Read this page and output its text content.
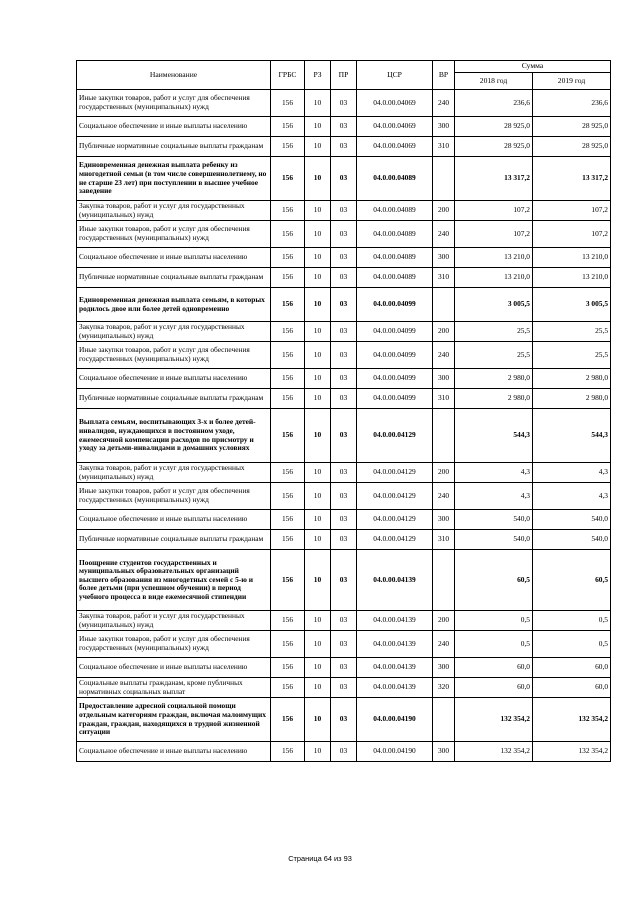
Наименование	ГРБС	РЗ	ПР	ЦСР	ВР	Сумма	
						2018 год	2019 год
Иные закупки товаров, работ и услуг для обеспечения государственных (муниципальных) нужд	156	10	03	04.0.00.04069	240	236,6	236,6
Социальное обеспечение и иные выплаты населению	156	10	03	04.0.00.04069	300	28 925,0	28 925,0
Публичные нормативные социальные выплаты гражданам	156	10	03	04.0.00.04069	310	28 925,0	28 925,0
Единовременная денежная выплата ребенку из многодетной семьи (в том числе совершеннолетнему, но не старше 23 лет) при поступлении в высшее учебное заведение	156	10	03	04.0.00.04089		13 317,2	13 317,2
Закупка товаров, работ и услуг для государственных (муниципальных) нужд	156	10	03	04.0.00.04089	200	107,2	107,2
Иные закупки товаров, работ и услуг для обеспечения государственных (муниципальных) нужд	156	10	03	04.0.00.04089	240	107,2	107,2
Социальное обеспечение и иные выплаты населению	156	10	03	04.0.00.04089	300	13 210,0	13 210,0
Публичные нормативные социальные выплаты гражданам	156	10	03	04.0.00.04089	310	13 210,0	13 210,0
Единовременная денежная выплата семьям, в которых родилось двое или более детей одновременно	156	10	03	04.0.00.04099		3 005,5	3 005,5
Закупка товаров, работ и услуг для государственных (муниципальных) нужд	156	10	03	04.0.00.04099	200	25,5	25,5
Иные закупки товаров, работ и услуг для обеспечения государственных (муниципальных) нужд	156	10	03	04.0.00.04099	240	25,5	25,5
Социальное обеспечение и иные выплаты населению	156	10	03	04.0.00.04099	300	2 980,0	2 980,0
Публичные нормативные социальные выплаты гражданам	156	10	03	04.0.00.04099	310	2 980,0	2 980,0
Выплата семьям, воспитывающих 3-х и более детей-инвалидов, нуждающихся в постоянном уходе, ежемесячной компенсации расходов по присмотру и уходу за детьми-инвалидами в домашних условиях	156	10	03	04.0.00.04129		544,3	544,3
Закупка товаров, работ и услуг для государственных (муниципальных) нужд	156	10	03	04.0.00.04129	200	4,3	4,3
Иные закупки товаров, работ и услуг для обеспечения государственных (муниципальных) нужд	156	10	03	04.0.00.04129	240	4,3	4,3
Социальное обеспечение и иные выплаты населению	156	10	03	04.0.00.04129	300	540,0	540,0
Публичные нормативные социальные выплаты гражданам	156	10	03	04.0.00.04129	310	540,0	540,0
Поощрение студентов государственных и муниципальных образовательных организаций высшего образования из многодетных семей с 5-ю и более детьми (при успешном обучении) в период учебного процесса в виде ежемесячной стипендии	156	10	03	04.0.00.04139		60,5	60,5
Закупка товаров, работ и услуг для государственных (муниципальных) нужд	156	10	03	04.0.00.04139	200	0,5	0,5
Иные закупки товаров, работ и услуг для обеспечения государственных (муниципальных) нужд	156	10	03	04.0.00.04139	240	0,5	0,5
Социальное обеспечение и иные выплаты населению	156	10	03	04.0.00.04139	300	60,0	60,0
Социальные выплаты гражданам, кроме публичных нормативных социальных выплат	156	10	03	04.0.00.04139	320	60,0	60,0
Предоставление адресной социальной помощи отдельным категориям граждан, включая малоимущих граждан, граждан, находящихся в трудной жизненной ситуации	156	10	03	04.0.00.04190		132 354,2	132 354,2
Социальное обеспечение и иные выплаты населению	156	10	03	04.0.00.04190	300	132 354,2	132 354,2
Страница 64 из 93
